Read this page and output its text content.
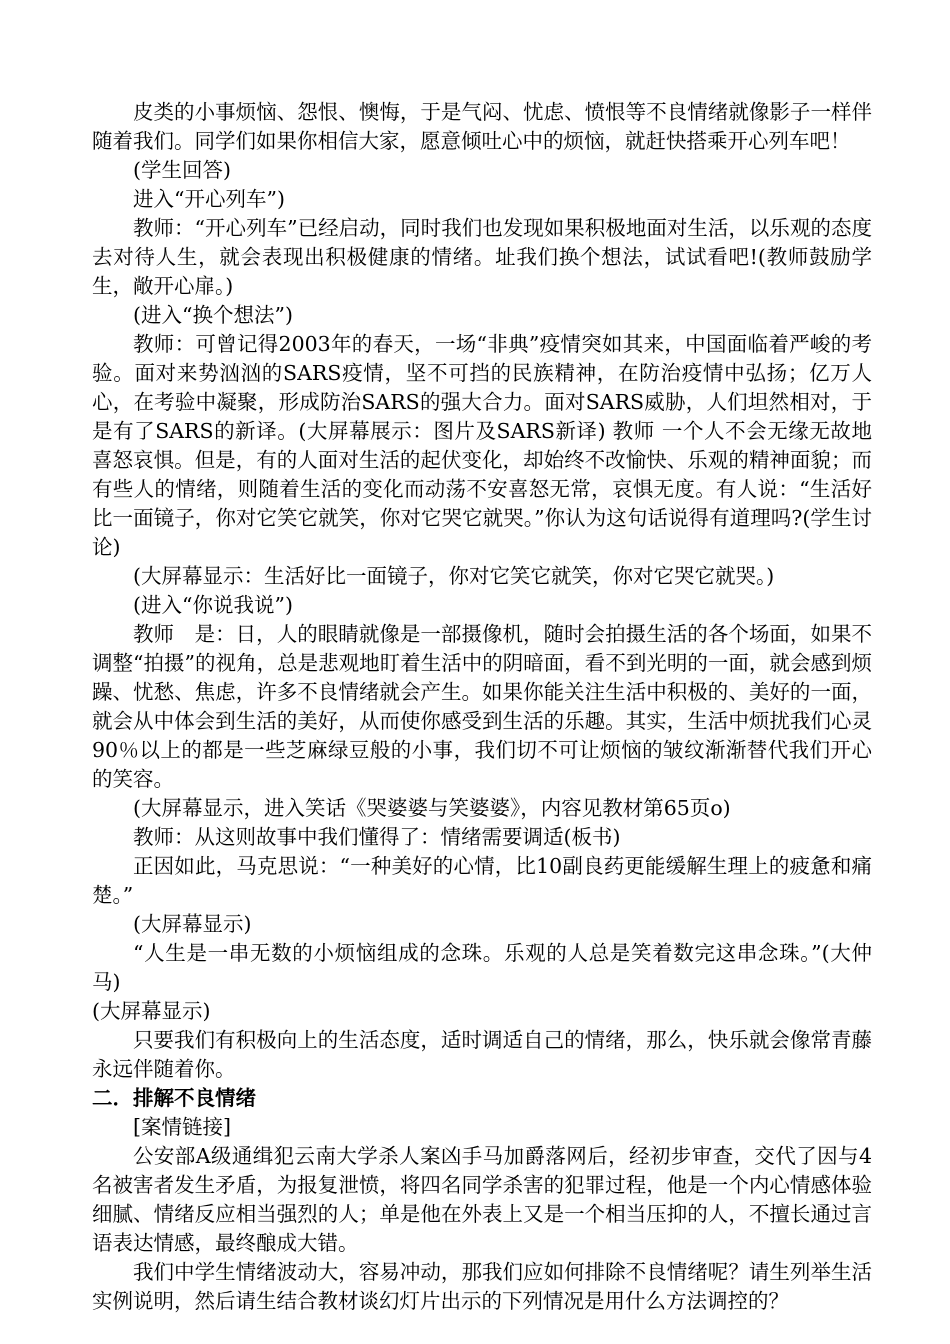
皮类的小事烦恼、怨恨、懊悔，于是气闷、忧虑、愤恨等不良情绪就像影子一样伴随着我们。同学们如果你相信大家，愿意倾吐心中的烦恼，就赶快搭乘开心列车吧！

(学生回答)

进入“开心列车”)

教师：“开心列车”已经启动，同时我们也发现如果积极地面对生活，以乐观的态度去对待人生，就会表现出积极健康的情绪。址我们换个想法，试试看吧!(教师鼓励学生，敞开心扉。)

(进入“换个想法”)

教师：可曾记得2003年的春天，一场“非典”疫情突如其来，中国面临着严峻的考验。面对来势汹汹的SARS疫情，坚不可挡的民族精神，在防治疫情中弘扬；亿万人心，在考验中凝聚，形成防治SARS的强大合力。面对SARS威胁，人们坦然相对，于是有了SARS的新译。(大屏幕展示：图片及SARS新译) 教师 一个人不会无缘无故地喜怒哀惧。但是，有的人面对生活的起伏变化，却始终不改愉快、乐观的精神面貌；而有些人的情绪，则随着生活的变化而动荡不安喜怒无常，哀惧无度。有人说：“生活好比一面镜子，你对它笑它就笑，你对它哭它就哭。”你认为这句话说得有道理吗?(学生讨论)

(大屏幕显示：生活好比一面镜子，你对它笑它就笑，你对它哭它就哭。)

(进入“你说我说”)

教师　是：日，人的眼睛就像是一部摄像机，随时会拍摄生活的各个场面，如果不调整“拍摄”的视角，总是悲观地盯着生活中的阴暗面，看不到光明的一面，就会感到烦躁、忧愁、焦虑，许多不良情绪就会产生。如果你能关注生活中积极的、美好的一面，就会从中体会到生活的美好，从而使你感受到生活的乐趣。其实，生活中烦扰我们心灵90％以上的都是一些芝麻绿豆般的小事，我们切不可让烦恼的皱纹渐渐替代我们开心的笑容。

(大屏幕显示，进入笑话《哭婆婆与笑婆婆》，内容见教材第65页o)

教师：从这则故事中我们懂得了：情绪需要调适(板书)

正因如此，马克思说：“一种美好的心情，比10副良药更能缓解生理上的疲惫和痛楚。”

(大屏幕显示)

“人生是一串无数的小烦恼组成的念珠。乐观的人总是笑着数完这串念珠。”(大仲马)

(大屏幕显示)

只要我们有积极向上的生活态度，适时调适自己的情绪，那么，快乐就会像常青藤永远伴随着你。

二．排解不良情绪

[案情链接]

公安部A级通缉犯云南大学杀人案凶手马加爵落网后，经初步审查，交代了因与4名被害者发生矛盾，为报复泄愤，将四名同学杀害的犯罪过程，他是一个内心情感体验细腻、情绪反应相当强烈的人；单是他在外表上又是一个相当压抑的人，不擅长通过言语表达情感，最终酿成大错。

我们中学生情绪波动大，容易冲动，那我们应如何排除不良情绪呢？请生列举生活实例说明，然后请生结合教材谈幻灯片出示的下列情况是用什么方法调控的？
